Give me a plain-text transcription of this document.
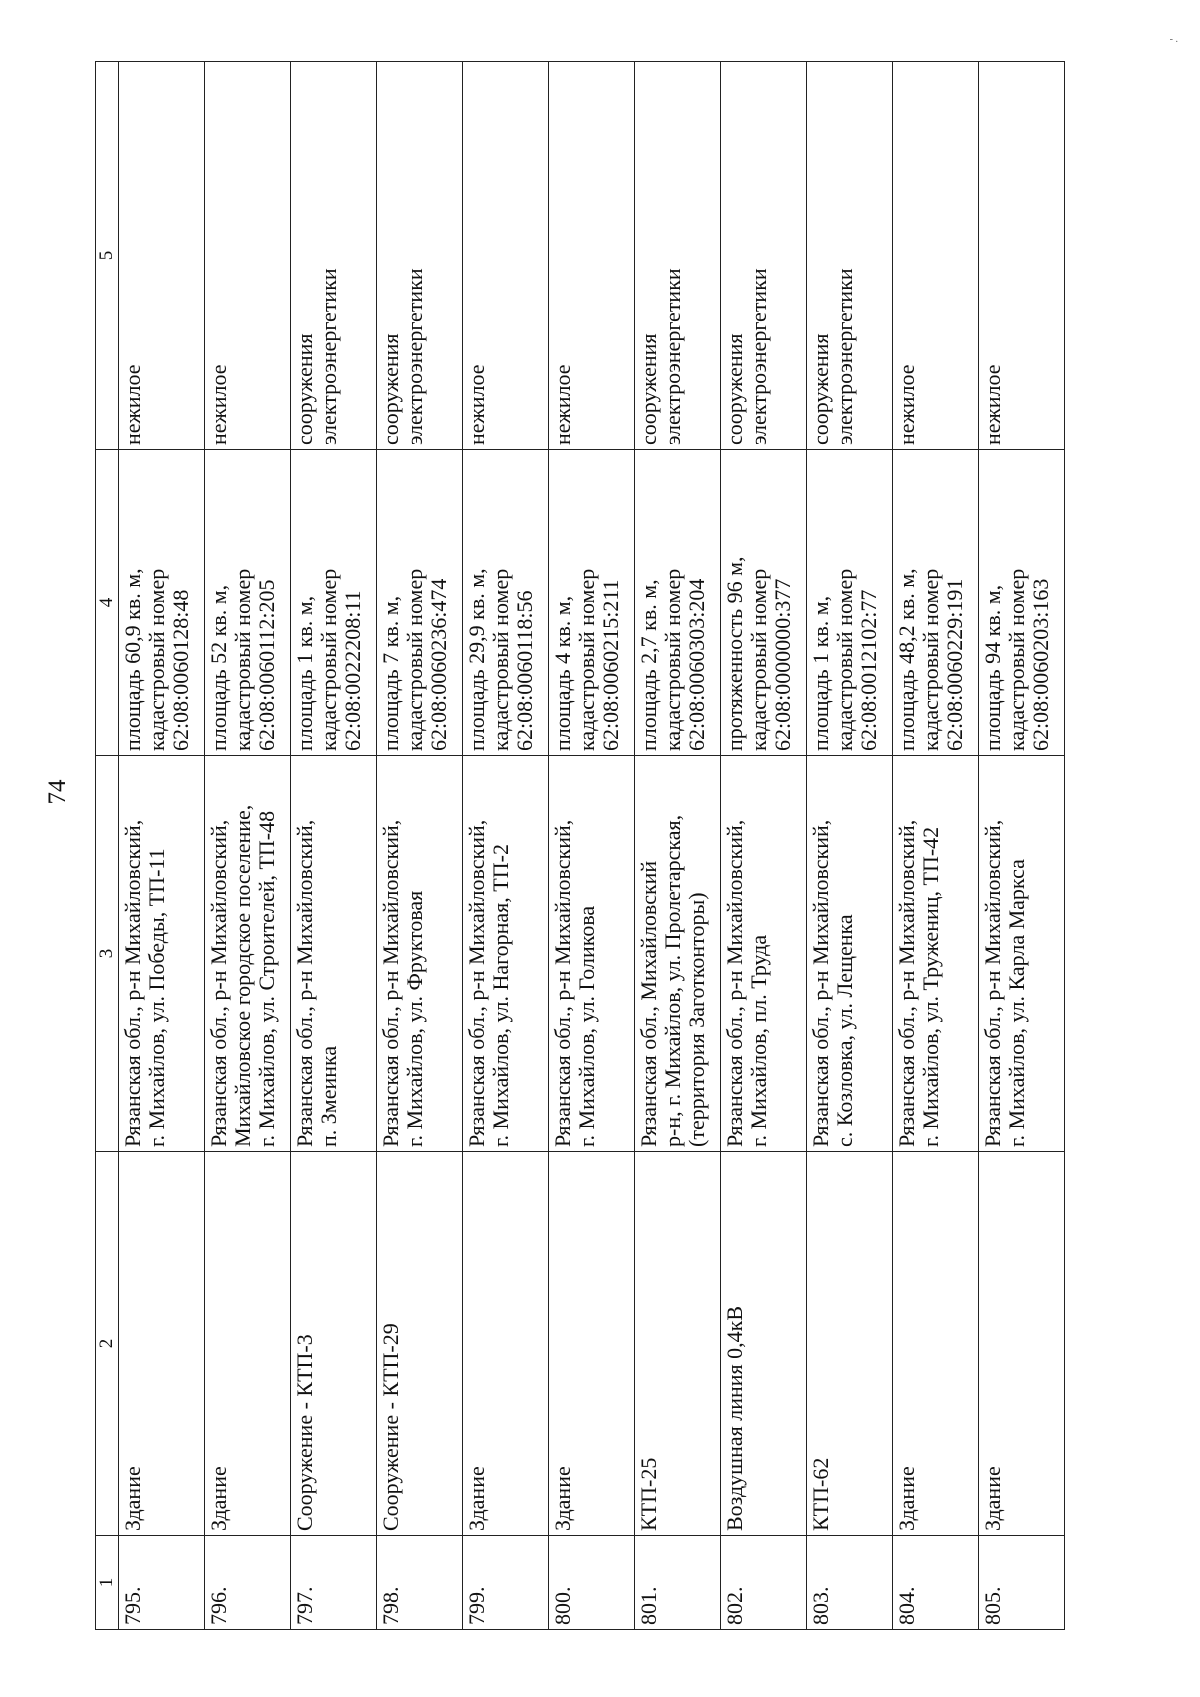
74
- .
1	2	3	4	5
795.	Здание	Рязанская обл., р-н Михайловский, г. Михайлов, ул. Победы, ТП-11	площадь 60,9 кв. м, кадастровый номер 62:08:0060128:48	нежилое

796.	Здание	Рязанская обл., р-н Михайловский, Михайловское городское поселение, г. Михайлов, ул. Строителей, ТП-48	площадь 52 кв. м, кадастровый номер 62:08:0060112:205	нежилое

797.	Сооружение - КТП-3	Рязанская обл., р-н Михайловский, п. Змеинка	площадь 1 кв. м, кадастровый номер 62:08:0022208:11	сооружения электроэнергетики

798.	Сооружение - КТП-29	Рязанская обл., р-н Михайловский, г. Михайлов, ул. Фруктовая	площадь 7 кв. м, кадастровый номер 62:08:0060236:474	сооружения электроэнергетики

799.	Здание	Рязанская обл., р-н Михайловский, г. Михайлов, ул. Нагорная, ТП-2	площадь 29,9 кв. м, кадастровый номер 62:08:0060118:56	нежилое

800.	Здание	Рязанская обл., р-н Михайловский, г. Михайлов, ул. Голикова	площадь 4 кв. м, кадастровый номер 62:08:0060215:211	нежилое

801.	КТП-25	Рязанская обл., Михайловский р-н, г. Михайлов, ул. Пролетарская, (территория Заготконторы)	площадь 2,7 кв. м, кадастровый номер 62:08:0060303:204	сооружения электроэнергетики

802.	Воздушная линия 0,4кВ	Рязанская обл., р-н Михайловский, г. Михайлов, пл. Труда	протяженность 96 м, кадастровый номер 62:08:0000000:377	сооружения электроэнергетики

803.	КТП-62	Рязанская обл., р-н Михайловский, с. Козловка, ул. Лещенка	площадь 1 кв. м, кадастровый номер 62:08:0012102:77	сооружения электроэнергетики

804.	Здание	Рязанская обл., р-н Михайловский, г. Михайлов, ул. Тружениц, ТП-42	площадь 48,2 кв. м, кадастровый номер 62:08:0060229:191	нежилое

805.	Здание	Рязанская обл., р-н Михайловский, г. Михайлов, ул. Карла Маркса	площадь 94 кв. м, кадастровый номер 62:08:0060203:163	нежилое
